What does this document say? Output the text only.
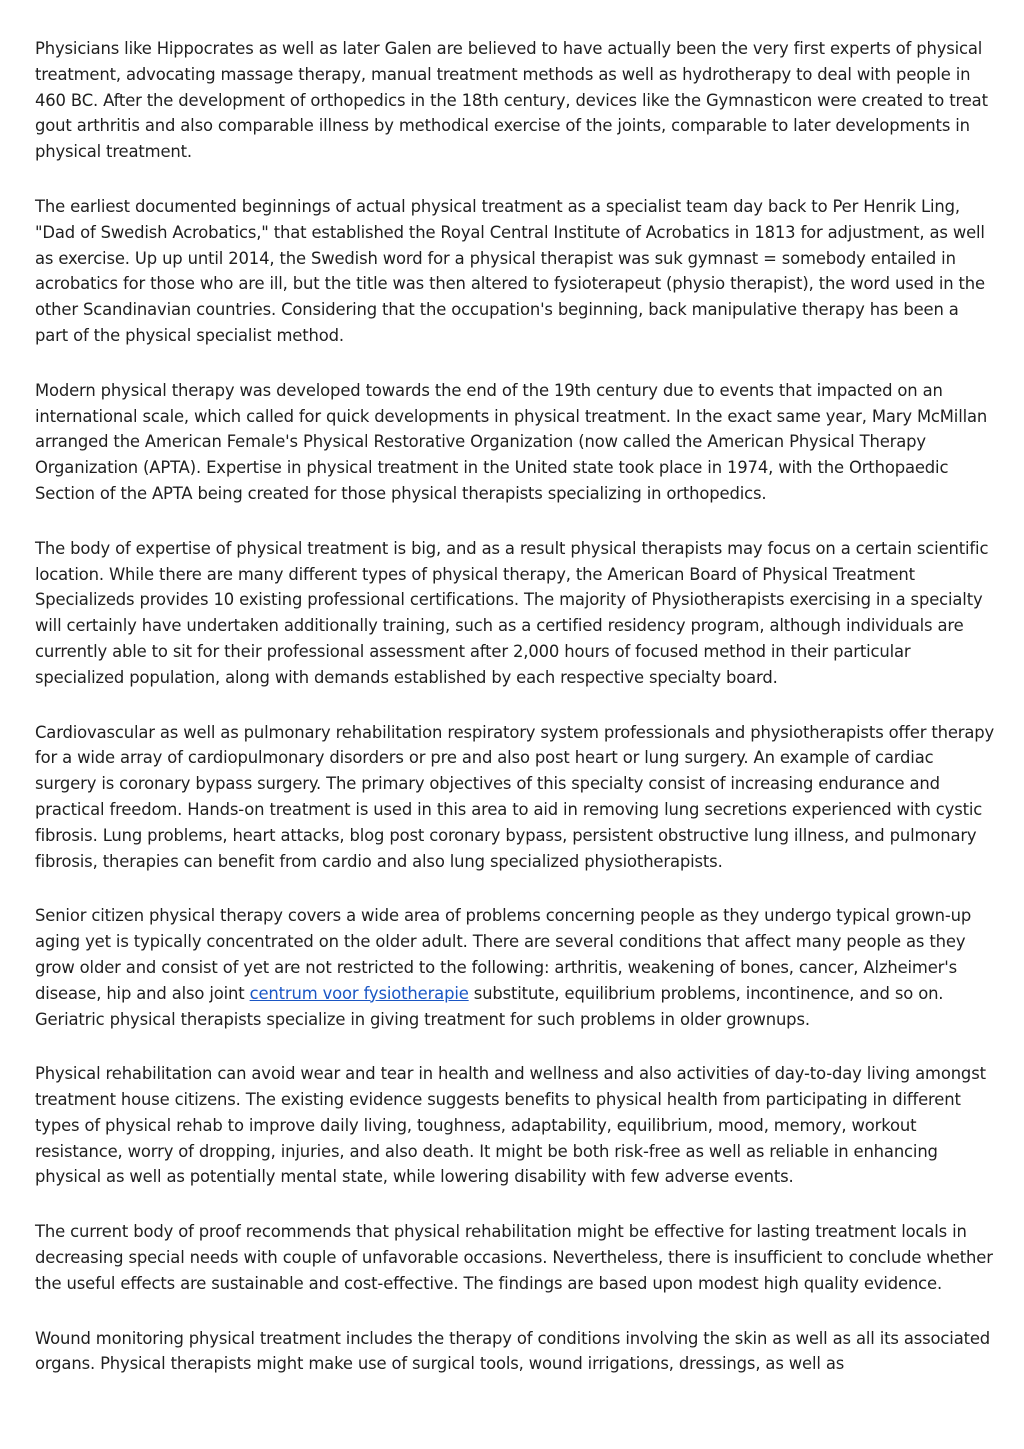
Physicians like Hippocrates as well as later Galen are believed to have actually been the very first experts of physical treatment, advocating massage therapy, manual treatment methods as well as hydrotherapy to deal with people in 460 BC. After the development of orthopedics in the 18th century, devices like the Gymnasticon were created to treat gout arthritis and also comparable illness by methodical exercise of the joints, comparable to later developments in physical treatment.

The earliest documented beginnings of actual physical treatment as a specialist team day back to Per Henrik Ling, "Dad of Swedish Acrobatics," that established the Royal Central Institute of Acrobatics in 1813 for adjustment, as well as exercise. Up up until 2014, the Swedish word for a physical therapist was suk gymnast = somebody entailed in acrobatics for those who are ill, but the title was then altered to fysioterapeut (physio therapist), the word used in the other Scandinavian countries. Considering that the occupation's beginning, back manipulative therapy has been a part of the physical specialist method.

Modern physical therapy was developed towards the end of the 19th century due to events that impacted on an international scale, which called for quick developments in physical treatment. In the exact same year, Mary McMillan arranged the American Female's Physical Restorative Organization (now called the American Physical Therapy Organization (APTA). Expertise in physical treatment in the United state took place in 1974, with the Orthopaedic Section of the APTA being created for those physical therapists specializing in orthopedics.

The body of expertise of physical treatment is big, and as a result physical therapists may focus on a certain scientific location. While there are many different types of physical therapy, the American Board of Physical Treatment Specializeds provides 10 existing professional certifications. The majority of Physiotherapists exercising in a specialty will certainly have undertaken additionally training, such as a certified residency program, although individuals are currently able to sit for their professional assessment after 2,000 hours of focused method in their particular specialized population, along with demands established by each respective specialty board.

Cardiovascular as well as pulmonary rehabilitation respiratory system professionals and physiotherapists offer therapy for a wide array of cardiopulmonary disorders or pre and also post heart or lung surgery. An example of cardiac surgery is coronary bypass surgery. The primary objectives of this specialty consist of increasing endurance and practical freedom. Hands-on treatment is used in this area to aid in removing lung secretions experienced with cystic fibrosis. Lung problems, heart attacks, blog post coronary bypass, persistent obstructive lung illness, and pulmonary fibrosis, therapies can benefit from cardio and also lung specialized physiotherapists.

Senior citizen physical therapy covers a wide area of problems concerning people as they undergo typical grown-up aging yet is typically concentrated on the older adult. There are several conditions that affect many people as they grow older and consist of yet are not restricted to the following: arthritis, weakening of bones, cancer, Alzheimer's disease, hip and also joint centrum voor fysiotherapie substitute, equilibrium problems, incontinence, and so on. Geriatric physical therapists specialize in giving treatment for such problems in older grownups.

Physical rehabilitation can avoid wear and tear in health and wellness and also activities of day-to-day living amongst treatment house citizens. The existing evidence suggests benefits to physical health from participating in different types of physical rehab to improve daily living, toughness, adaptability, equilibrium, mood, memory, workout resistance, worry of dropping, injuries, and also death. It might be both risk-free as well as reliable in enhancing physical as well as potentially mental state, while lowering disability with few adverse events.

The current body of proof recommends that physical rehabilitation might be effective for lasting treatment locals in decreasing special needs with couple of unfavorable occasions. Nevertheless, there is insufficient to conclude whether the useful effects are sustainable and cost-effective. The findings are based upon modest high quality evidence.

Wound monitoring physical treatment includes the therapy of conditions involving the skin as well as all its associated organs. Physical therapists might make use of surgical tools, wound irrigations, dressings, as well as
